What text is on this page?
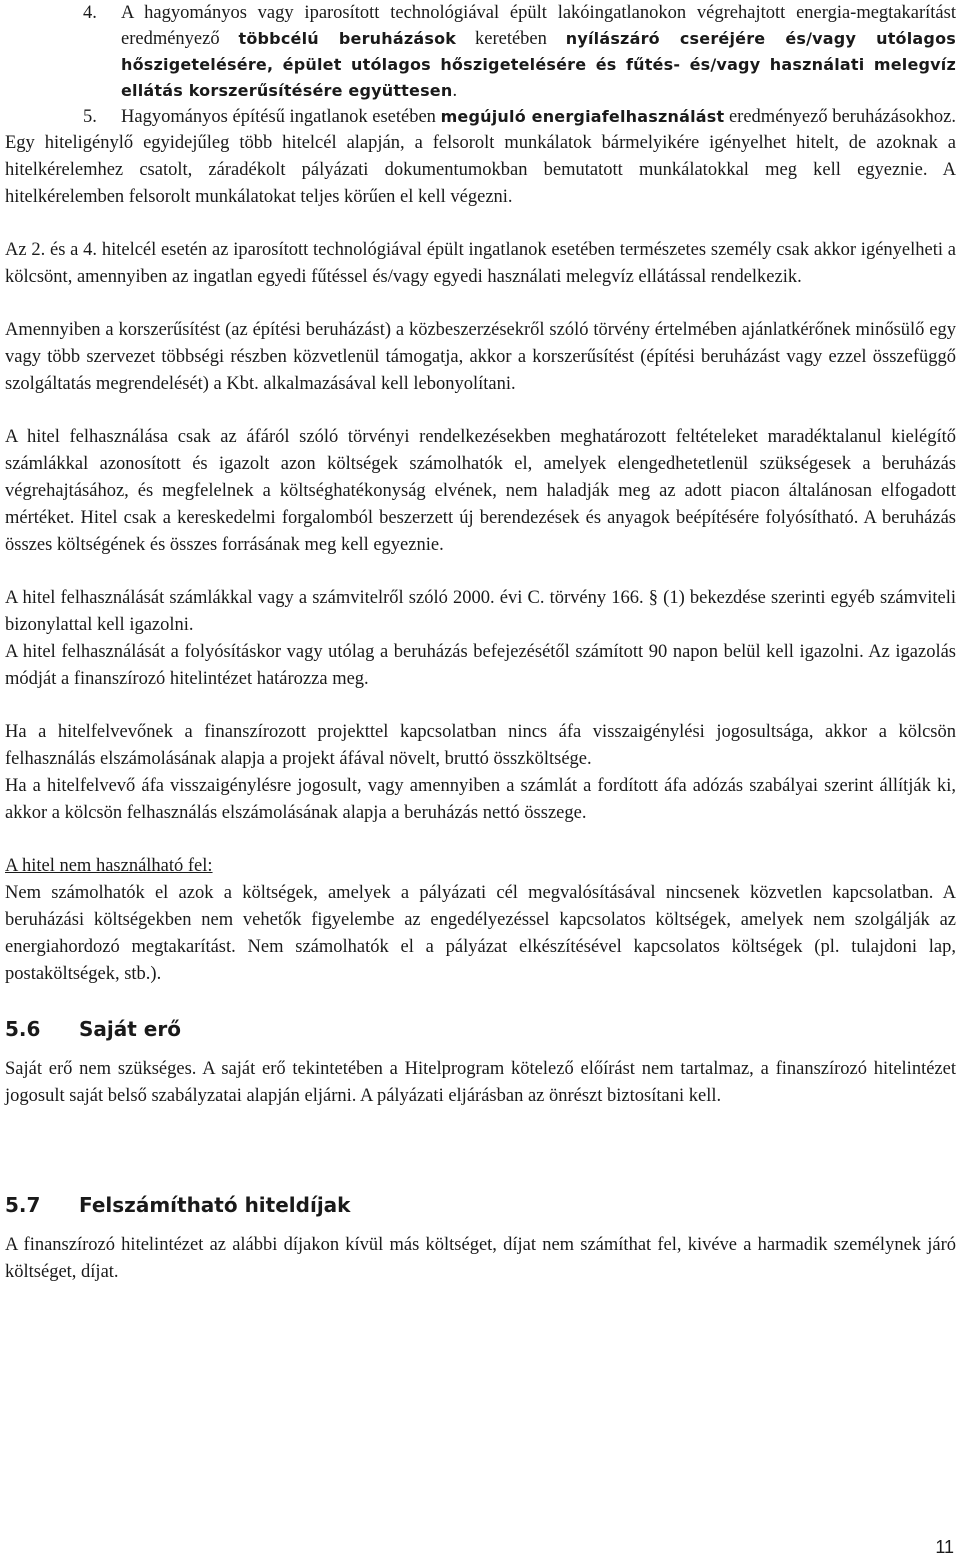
4. A hagyományos vagy iparosított technológiával épült lakóingatlanokon végrehajtott energia-megtakarítást eredményező többcélú beruházások keretében nyílászáró cseréjére és/vagy utólagos hőszigetelésére, épület utólagos hőszigetelésére és fűtés- és/vagy használati melegvíz ellátás korszerűsítésére együttesen.
5. Hagyományos építésű ingatlanok esetében megújuló energiafelhasználást eredményező beruházásokhoz.

Egy hiteligénylő egyidejűleg több hitelcél alapján, a felsorolt munkálatok bármelyikére igényelhet hitelt, de azoknak a hitelkérelemhez csatolt, záradékolt pályázati dokumentumokban bemutatott munkálatokkal meg kell egyeznie. A hitelkérelemben felsorolt munkálatokat teljes körűen el kell végezni.

Az 2. és a 4. hitelcél esetén az iparosított technológiával épült ingatlanok esetében természetes személy csak akkor igényelheti a kölcsönt, amennyiben az ingatlan egyedi fűtéssel és/vagy egyedi használati melegvíz ellátással rendelkezik.

Amennyiben a korszerűsítést (az építési beruházást) a közbeszerzésekről szóló törvény értelmében ajánlatkérőnek minősülő egy vagy több szervezet többségi részben közvetlenül támogatja, akkor a korszerűsítést (építési beruházást vagy ezzel összefüggő szolgáltatás megrendelését) a Kbt. alkalmazásával kell lebonyolítani.

A hitel felhasználása csak az áfáról szóló törvényi rendelkezésekben meghatározott feltételeket maradéktalanul kielégítő számlákkal azonosított és igazolt azon költségek számolhatók el, amelyek elengedhetetlenül szükségesek a beruházás végrehajtásához, és megfelelnek a költséghatékonyság elvének, nem haladják meg az adott piacon általánosan elfogadott mértéket. Hitel csak a kereskedelmi forgalomból beszerzett új berendezések és anyagok beépítésére folyósítható. A beruházás összes költségének és összes forrásának meg kell egyeznie.

A hitel felhasználását számlákkal vagy a számvitelről szóló 2000. évi C. törvény 166. § (1) bekezdése szerinti egyéb számviteli bizonylattal kell igazolni.

A hitel felhasználását a folyósításkor vagy utólag a beruházás befejezésétől számított 90 napon belül kell igazolni. Az igazolás módját a finanszírozó hitelintézet határozza meg.

Ha a hitelfelvevőnek a finanszírozott projekttel kapcsolatban nincs áfa visszaigénylési jogosultsága, akkor a kölcsön felhasználás elszámolásának alapja a projekt áfával növelt, bruttó összköltsége.

Ha a hitelfelvevő áfa visszaigénylésre jogosult, vagy amennyiben a számlát a fordított áfa adózás szabályai szerint állítják ki, akkor a kölcsön felhasználás elszámolásának alapja a beruházás nettó összege.

A hitel nem használható fel:

Nem számolhatók el azok a költségek, amelyek a pályázati cél megvalósításával nincsenek közvetlen kapcsolatban. A beruházási költségekben nem vehetők figyelembe az engedélyezéssel kapcsolatos költségek, amelyek nem szolgálják az energiahordozó megtakarítást. Nem számolhatók el a pályázat elkészítésével kapcsolatos költségek (pl. tulajdoni lap, postaköltségek, stb.).

5.6 Saját erő

Saját erő nem szükséges. A saját erő tekintetében a Hitelprogram kötelező előírást nem tartalmaz, a finanszírozó hitelintézet jogosult saját belső szabályzatai alapján eljárni. A pályázati eljárásban az önrészt biztosítani kell.

5.7 Felszámítható hiteldíjak

A finanszírozó hitelintézet az alábbi díjakon kívül más költséget, díjat nem számíthat fel, kivéve a harmadik személynek járó költséget, díjat.

11
